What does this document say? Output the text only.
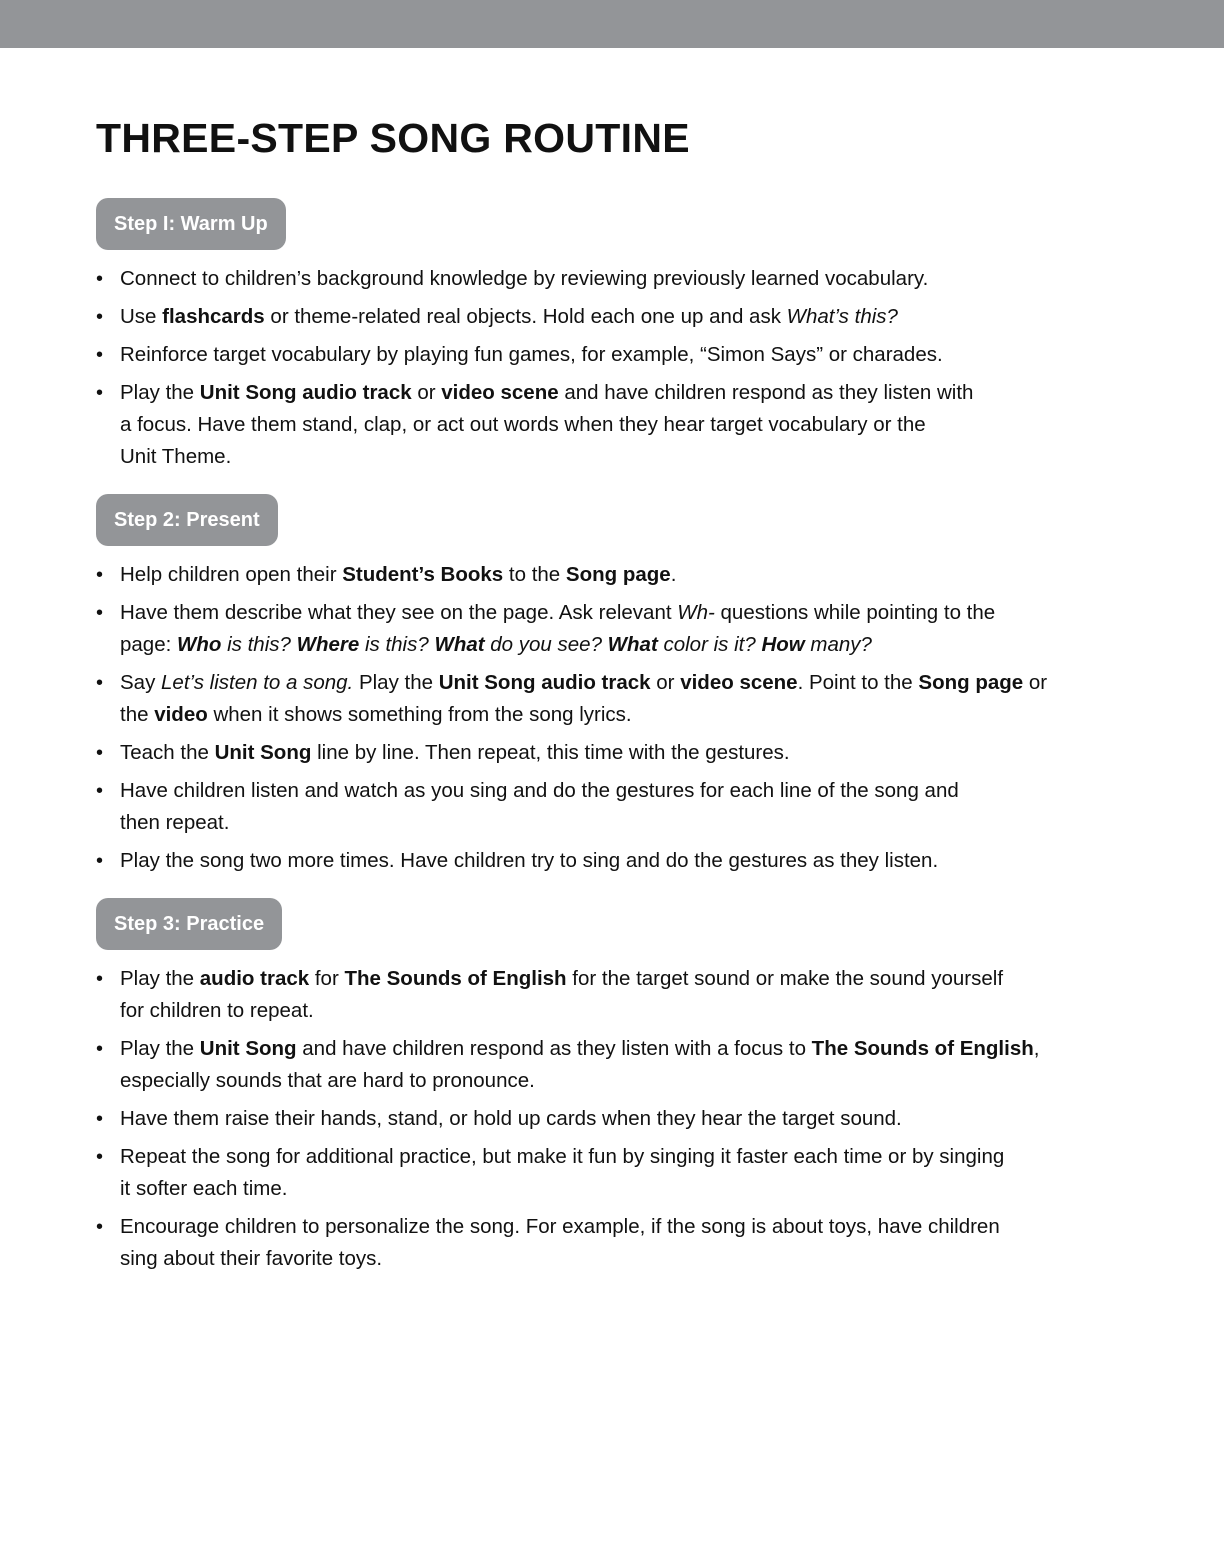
THREE-STEP SONG ROUTINE
Step I: Warm Up
• Connect to children’s background knowledge by reviewing previously learned vocabulary.
• Use flashcards or theme-related real objects. Hold each one up and ask What’s this?
• Reinforce target vocabulary by playing fun games, for example, “Simon Says” or charades.
• Play the Unit Song audio track or video scene and have children respond as they listen with
a focus. Have them stand, clap, or act out words when they hear target vocabulary or the
Unit Theme.
Step 2: Present
• Help children open their Student’s Books to the Song page.
• Have them describe what they see on the page. Ask relevant Wh- questions while pointing to the
page: Who is this? Where is this? What do you see? What color is it? How many?
• Say Let’s listen to a song. Play the Unit Song audio track or video scene. Point to the Song page or
the video when it shows something from the song lyrics.
• Teach the Unit Song line by line. Then repeat, this time with the gestures.
• Have children listen and watch as you sing and do the gestures for each line of the song and
then repeat.
• Play the song two more times. Have children try to sing and do the gestures as they listen.
Step 3: Practice
• Play the audio track for The Sounds of English for the target sound or make the sound yourself
for children to repeat.
• Play the Unit Song and have children respond as they listen with a focus to The Sounds of English,
especially sounds that are hard to pronounce.
• Have them raise their hands, stand, or hold up cards when they hear the target sound.
• Repeat the song for additional practice, but make it fun by singing it faster each time or by singing
it softer each time.
• Encourage children to personalize the song. For example, if the song is about toys, have children
sing about their favorite toys.
